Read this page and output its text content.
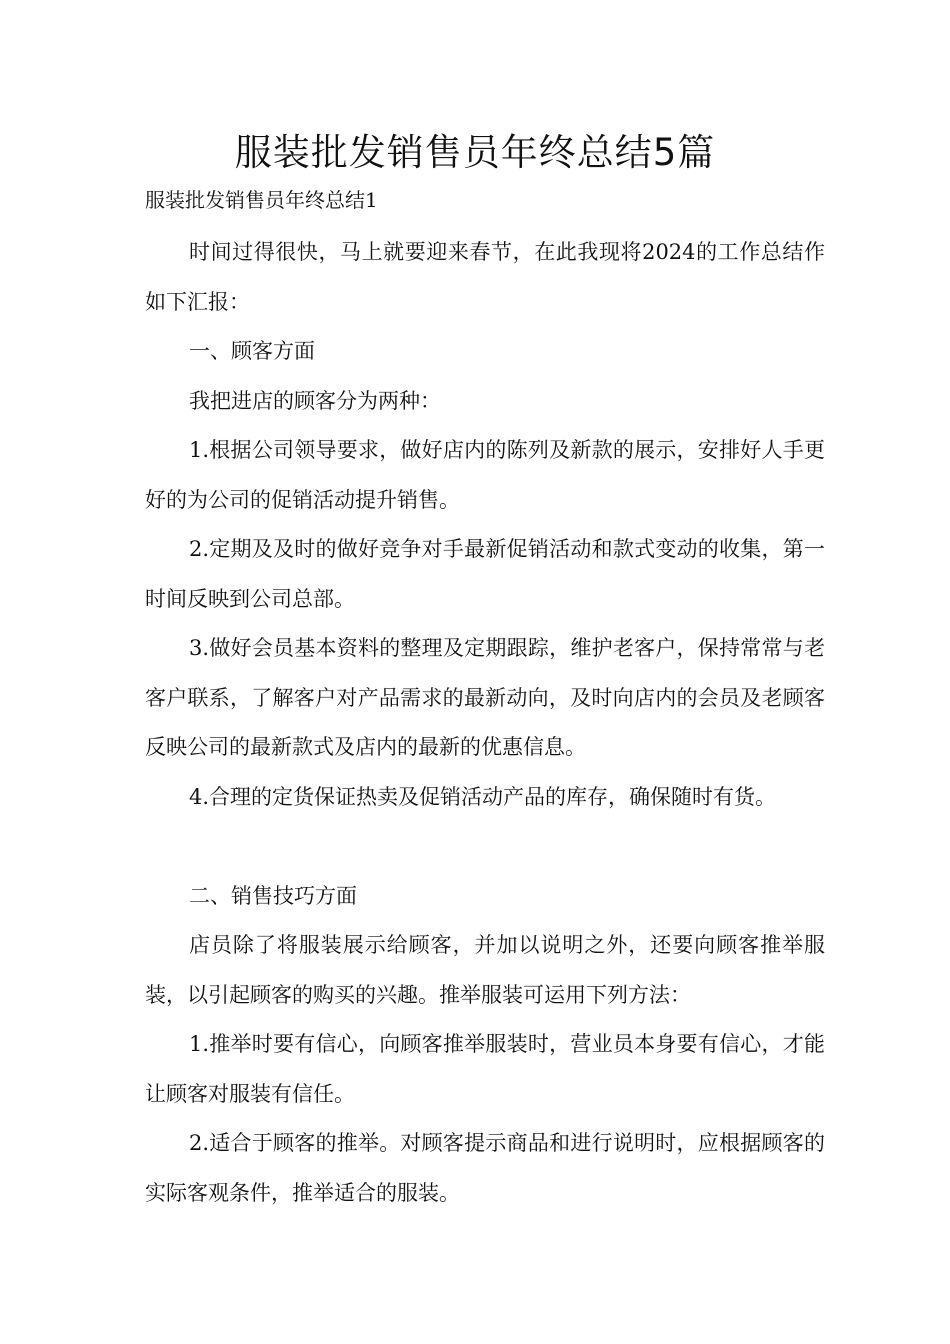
服装批发销售员年终总结5篇

服装批发销售员年终总结1

时间过得很快，马上就要迎来春节，在此我现将2024的工作总结作如下汇报：

一、顾客方面

我把进店的顾客分为两种：

1.根据公司领导要求，做好店内的陈列及新款的展示，安排好人手更好的为公司的促销活动提升销售。

2.定期及及时的做好竞争对手最新促销活动和款式变动的收集，第一时间反映到公司总部。

3.做好会员基本资料的整理及定期跟踪，维护老客户，保持常常与老客户联系，了解客户对产品需求的最新动向，及时向店内的会员及老顾客反映公司的最新款式及店内的最新的优惠信息。

4.合理的定货保证热卖及促销活动产品的库存，确保随时有货。

二、销售技巧方面

店员除了将服装展示给顾客，并加以说明之外，还要向顾客推举服装，以引起顾客的购买的兴趣。推举服装可运用下列方法：

1.推举时要有信心，向顾客推举服装时，营业员本身要有信心，才能让顾客对服装有信任。

2.适合于顾客的推举。对顾客提示商品和进行说明时，应根据顾客的实际客观条件，推举适合的服装。
